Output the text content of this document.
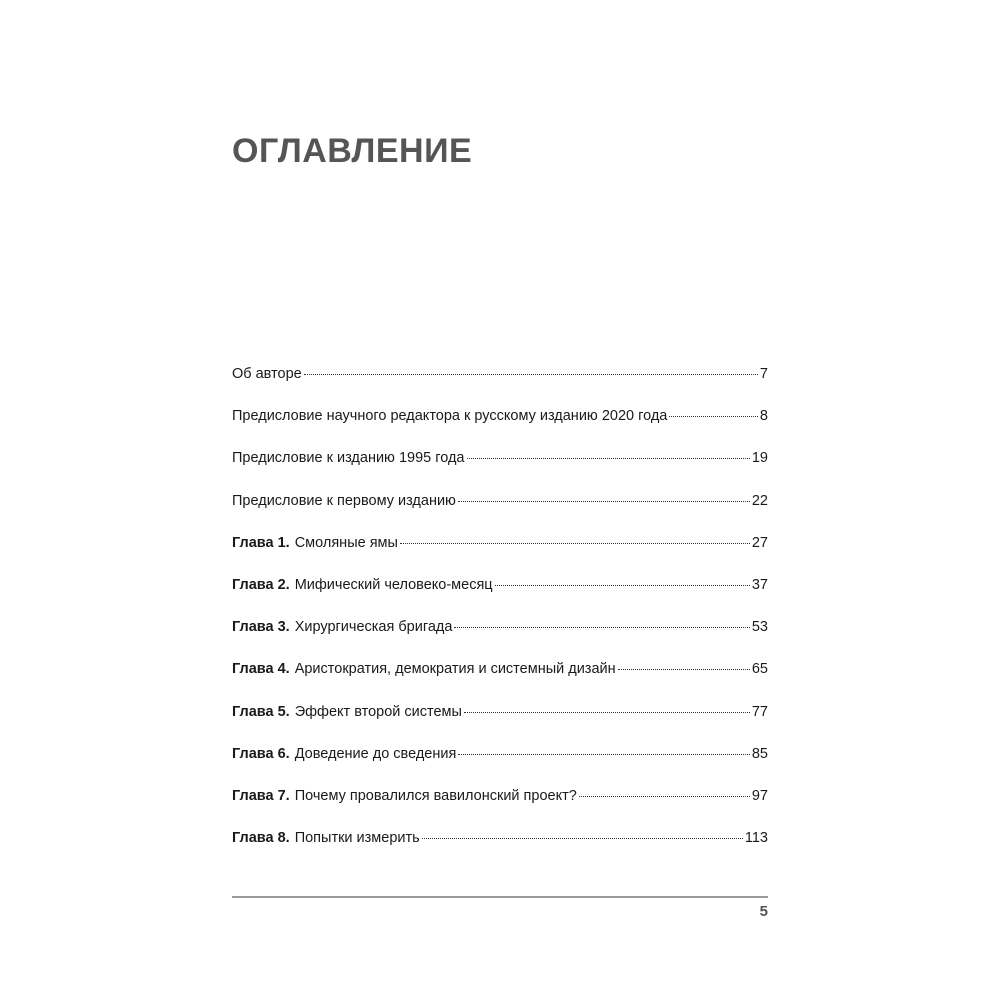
ОГЛАВЛЕНИЕ
Об авторе	7
Предисловие научного редактора к русскому изданию 2020 года	8
Предисловие к изданию 1995 года	19
Предисловие к первому изданию	22
Глава 1. Смоляные ямы	27
Глава 2. Мифический человеко-месяц	37
Глава 3. Хирургическая бригада	53
Глава 4. Аристократия, демократия и системный дизайн	65
Глава 5. Эффект второй системы	77
Глава 6. Доведение до сведения	85
Глава 7. Почему провалился вавилонский проект?	97
Глава 8. Попытки измерить	113
5
